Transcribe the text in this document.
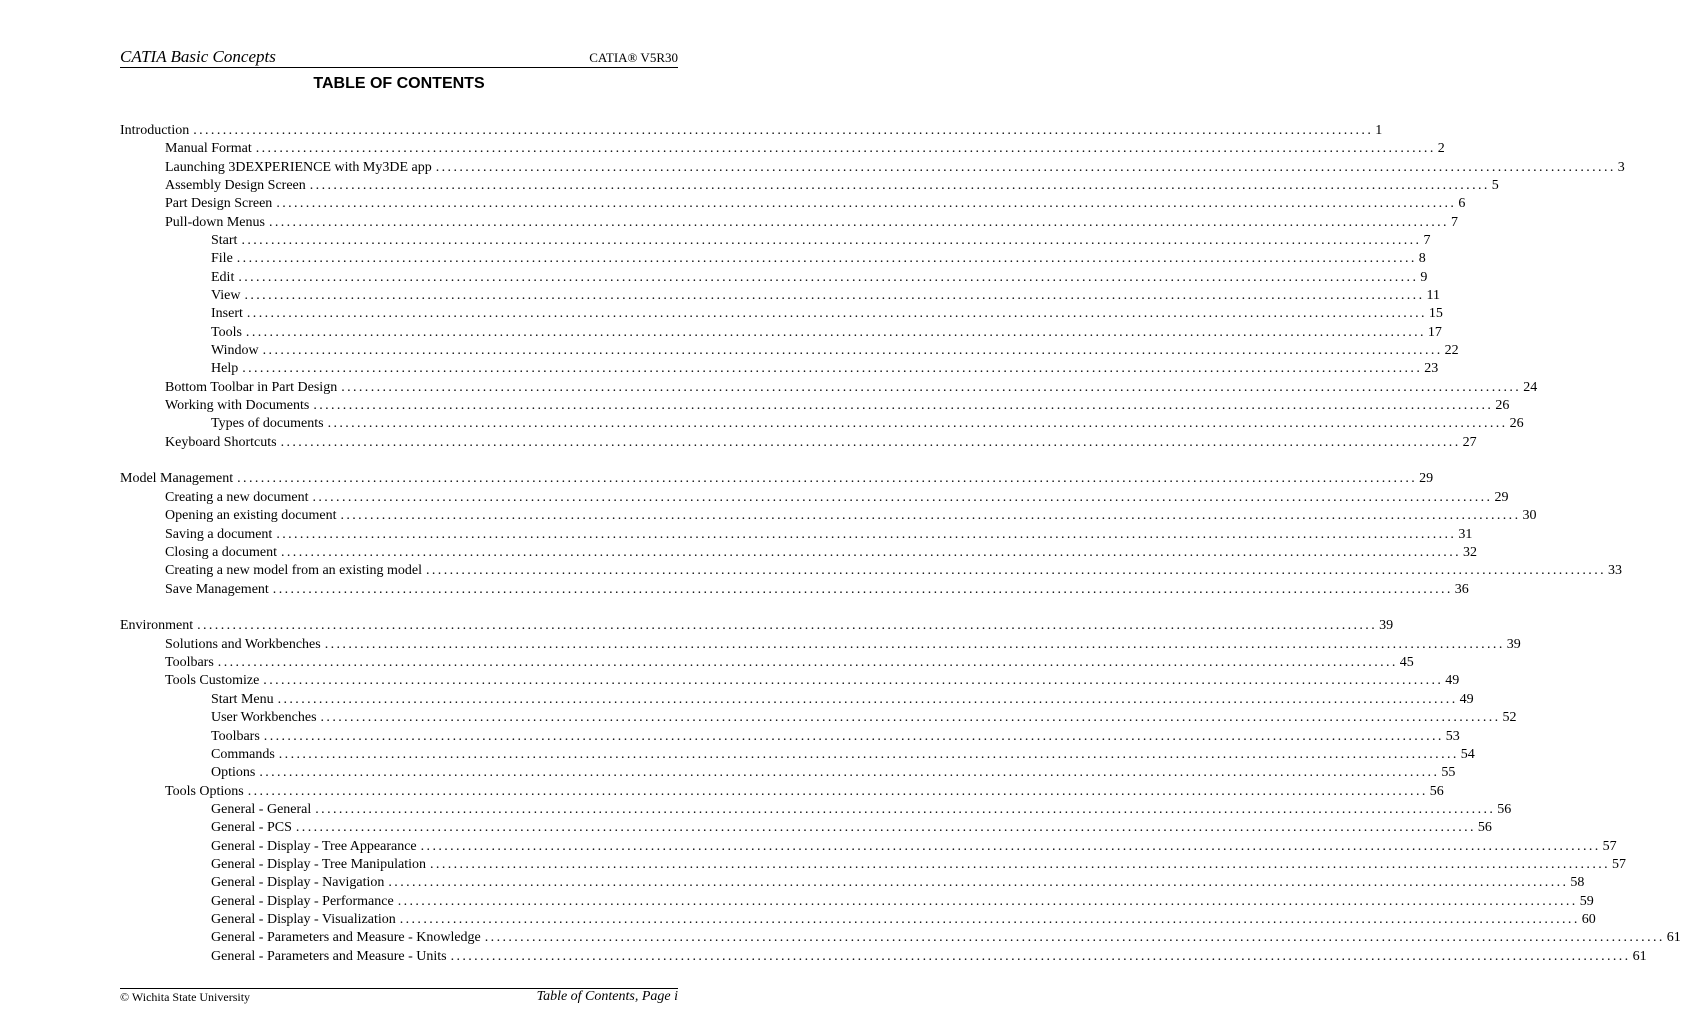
CATIA Basic Concepts	CATIA® V5R30
TABLE OF CONTENTS
Introduction ........................................................................................................................................................................................................ 1
Manual Format ........................................................................................................................................................................................................ 2
Launching 3DEXPERIENCE with My3DE app ........................................................................................................................................................................................................ 3
Assembly Design Screen ........................................................................................................................................................................................................ 5
Part Design Screen ........................................................................................................................................................................................................ 6
Pull-down Menus ........................................................................................................................................................................................................ 7
Start ........................................................................................................................................................................................................ 7
File ........................................................................................................................................................................................................ 8
Edit ........................................................................................................................................................................................................ 9
View ........................................................................................................................................................................................................ 11
Insert ........................................................................................................................................................................................................ 15
Tools ........................................................................................................................................................................................................ 17
Window ........................................................................................................................................................................................................ 22
Help ........................................................................................................................................................................................................ 23
Bottom Toolbar in Part Design ........................................................................................................................................................................................................ 24
Working with Documents ........................................................................................................................................................................................................ 26
Types of documents ........................................................................................................................................................................................................ 26
Keyboard Shortcuts ........................................................................................................................................................................................................ 27
Model Management ........................................................................................................................................................................................................ 29
Creating a new document ........................................................................................................................................................................................................ 29
Opening an existing document ........................................................................................................................................................................................................ 30
Saving a document ........................................................................................................................................................................................................ 31
Closing a document ........................................................................................................................................................................................................ 32
Creating a new model from an existing model ........................................................................................................................................................................................................ 33
Save Management ........................................................................................................................................................................................................ 36
Environment ........................................................................................................................................................................................................ 39
Solutions and Workbenches ........................................................................................................................................................................................................ 39
Toolbars ........................................................................................................................................................................................................ 45
Tools Customize ........................................................................................................................................................................................................ 49
Start Menu ........................................................................................................................................................................................................ 49
User Workbenches ........................................................................................................................................................................................................ 52
Toolbars ........................................................................................................................................................................................................ 53
Commands ........................................................................................................................................................................................................ 54
Options ........................................................................................................................................................................................................ 55
Tools Options ........................................................................................................................................................................................................ 56
General - General ........................................................................................................................................................................................................ 56
General - PCS ........................................................................................................................................................................................................ 56
General - Display - Tree Appearance ........................................................................................................................................................................................................ 57
General - Display - Tree Manipulation ........................................................................................................................................................................................................ 57
General - Display - Navigation ........................................................................................................................................................................................................ 58
General - Display - Performance ........................................................................................................................................................................................................ 59
General - Display - Visualization ........................................................................................................................................................................................................ 60
General - Parameters and Measure - Knowledge ........................................................................................................................................................................................................ 61
General - Parameters and Measure - Units ........................................................................................................................................................................................................ 61
© Wichita State University	Table of Contents, Page i
